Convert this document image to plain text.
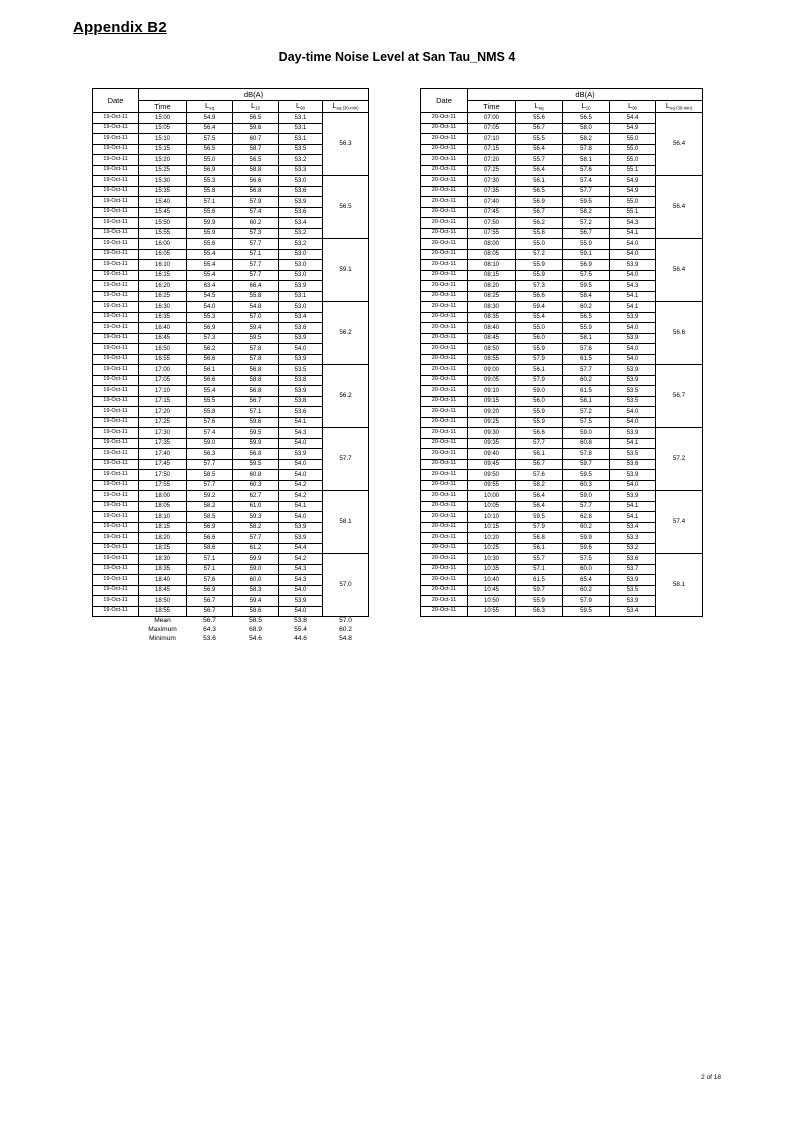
Appendix B2
Day-time Noise Level at San Tau_NMS 4
Date	dB(A)				
	Time	$L_{eq}$	$L_{10}$	$L_{90}$	$L_{eq (30-min)}$
19-Oct-11	15:00	54.9	56.5	53.1	56.3
19-Oct-11	15:05	56.4	59.6	53.1	
19-Oct-11	15:10	57.5	60.7	53.1	
19-Oct-11	15:15	56.5	58.7	53.5	
19-Oct-11	15:20	55.0	56.5	53.2	
19-Oct-11	15:25	56.9	58.8	53.3	
19-Oct-11	15:30	55.3	56.6	53.0	56.5
19-Oct-11	15:35	55.8	56.8	53.6	
19-Oct-11	15:40	57.1	57.9	53.9	
19-Oct-11	15:45	55.6	57.4	53.6	
19-Oct-11	15:50	59.9	60.2	53.4	
19-Oct-11	15:55	55.9	57.3	53.2	
19-Oct-11	16:00	55.6	57.7	53.2	59.1
19-Oct-11	16:05	55.4	57.1	53.0	
19-Oct-11	16:10	55.4	57.7	53.0	
19-Oct-11	16:15	55.4	57.7	53.0	
19-Oct-11	16:20	63.4	66.4	53.9	
19-Oct-11	16:25	54.5	55.8	53.1	
19-Oct-11	16:30	54.0	54.8	53.0	56.2
19-Oct-11	16:35	55.3	57.0	53.4	
19-Oct-11	16:40	56.9	59.4	53.6	
19-Oct-11	16:45	57.3	59.5	53.9	
19-Oct-11	16:50	56.2	57.8	54.0	
19-Oct-11	16:55	56.6	57.8	53.9	
19-Oct-11	17:00	56.1	56.8	53.5	56.2
19-Oct-11	17:05	56.6	58.8	53.8	
19-Oct-11	17:10	55.4	56.8	53.9	
19-Oct-11	17:15	55.5	56.7	53.8	
19-Oct-11	17:20	55.8	57.1	53.6	
19-Oct-11	17:25	57.6	59.6	54.1	
19-Oct-11	17:30	57.4	59.5	54.3	57.7
19-Oct-11	17:35	59.0	59.9	54.0	
19-Oct-11	17:40	56.3	56.8	53.9	
19-Oct-11	17:45	57.7	59.5	54.0	
19-Oct-11	17:50	58.5	60.8	54.0	
19-Oct-11	17:55	57.7	60.3	54.2	
19-Oct-11	18:00	59.2	62.7	54.2	58.1
19-Oct-11	18:05	58.2	61.0	54.1	
19-Oct-11	18:10	58.5	59.3	54.0	
19-Oct-11	18:15	56.9	58.2	53.9	
19-Oct-11	18:20	56.6	57.7	53.9	
19-Oct-11	18:25	58.6	61.2	54.4	
19-Oct-11	18:30	57.1	59.9	54.2	57.0
19-Oct-11	18:35	57.1	59.0	54.3	
19-Oct-11	18:40	57.6	60.0	54.3	
19-Oct-11	18:45	56.9	58.3	54.0	
19-Oct-11	18:50	56.7	59.4	53.9	
19-Oct-11	18:55	56.7	58.6	54.0	
	Mean	56.7	58.5	53.8	57.0
	Maximum	64.3	68.9	55.4	60.2
	Minimum	53.6	54.6	44.6	54.8
Date	dB(A)				
	Time	$L_{eq}$	$L_{10}$	$L_{90}$	$L_{eq (30-min)}$
20-Oct-11	07:00	55.6	56.5	54.4	56.4
20-Oct-11	07:05	56.7	58.0	54.9	
20-Oct-11	07:10	55.5	58.2	55.0	
20-Oct-11	07:15	56.4	57.8	55.0	
20-Oct-11	07:20	55.7	58.1	55.0	
20-Oct-11	07:25	56.4	57.6	55.1	
20-Oct-11	07:30	56.1	57.4	54.9	56.4
20-Oct-11	07:35	56.5	57.7	54.9	
20-Oct-11	07:40	56.9	59.5	55.0	
20-Oct-11	07:45	56.7	58.2	55.1	
20-Oct-11	07:50	56.2	57.2	54.3	
20-Oct-11	07:55	55.8	56.7	54.1	
20-Oct-11	08:00	55.0	55.9	54.0	56.4
20-Oct-11	08:05	57.2	59.1	54.0	
20-Oct-11	08:10	55.9	56.9	53.9	
20-Oct-11	08:15	55.9	57.5	54.0	
20-Oct-11	08:20	57.3	59.5	54.3	
20-Oct-11	08:25	56.6	58.4	54.1	
20-Oct-11	08:30	59.4	60.2	54.1	56.6
20-Oct-11	08:35	55.4	56.5	53.9	
20-Oct-11	08:40	55.0	55.9	54.0	
20-Oct-11	08:45	56.0	58.1	53.9	
20-Oct-11	08:50	55.9	57.6	54.0	
20-Oct-11	08:55	57.9	61.5	54.0	
20-Oct-11	09:00	56.1	57.7	53.9	56.7
20-Oct-11	09:05	57.9	60.2	53.9	
20-Oct-11	09:10	59.0	61.5	53.5	
20-Oct-11	09:15	56.0	58.1	53.5	
20-Oct-11	09:20	55.9	57.2	54.0	
20-Oct-11	09:25	55.9	57.5	54.0	
20-Oct-11	09:30	56.6	59.0	53.9	57.2
20-Oct-11	09:35	57.7	60.8	54.1	
20-Oct-11	09:40	56.1	57.8	53.5	
20-Oct-11	09:45	56.7	59.7	53.6	
20-Oct-11	09:50	57.6	59.5	53.9	
20-Oct-11	09:55	58.2	60.3	54.0	
20-Oct-11	10:00	56.4	59.0	53.9	57.4
20-Oct-11	10:05	56.4	57.7	54.1	
20-Oct-11	10:10	59.5	62.8	54.1	
20-Oct-11	10:15	57.9	60.2	53.4	
20-Oct-11	10:20	56.8	59.9	53.3	
20-Oct-11	10:25	56.1	59.6	53.2	
20-Oct-11	10:30	55.7	57.5	53.6	58.1
20-Oct-11	10:35	57.1	60.0	53.7	
20-Oct-11	10:40	61.5	65.4	53.9	
20-Oct-11	10:45	59.7	60.2	53.5	
20-Oct-11	10:50	55.9	57.9	53.9	
20-Oct-11	10:55	56.3	59.5	53.4	
2 of 18
